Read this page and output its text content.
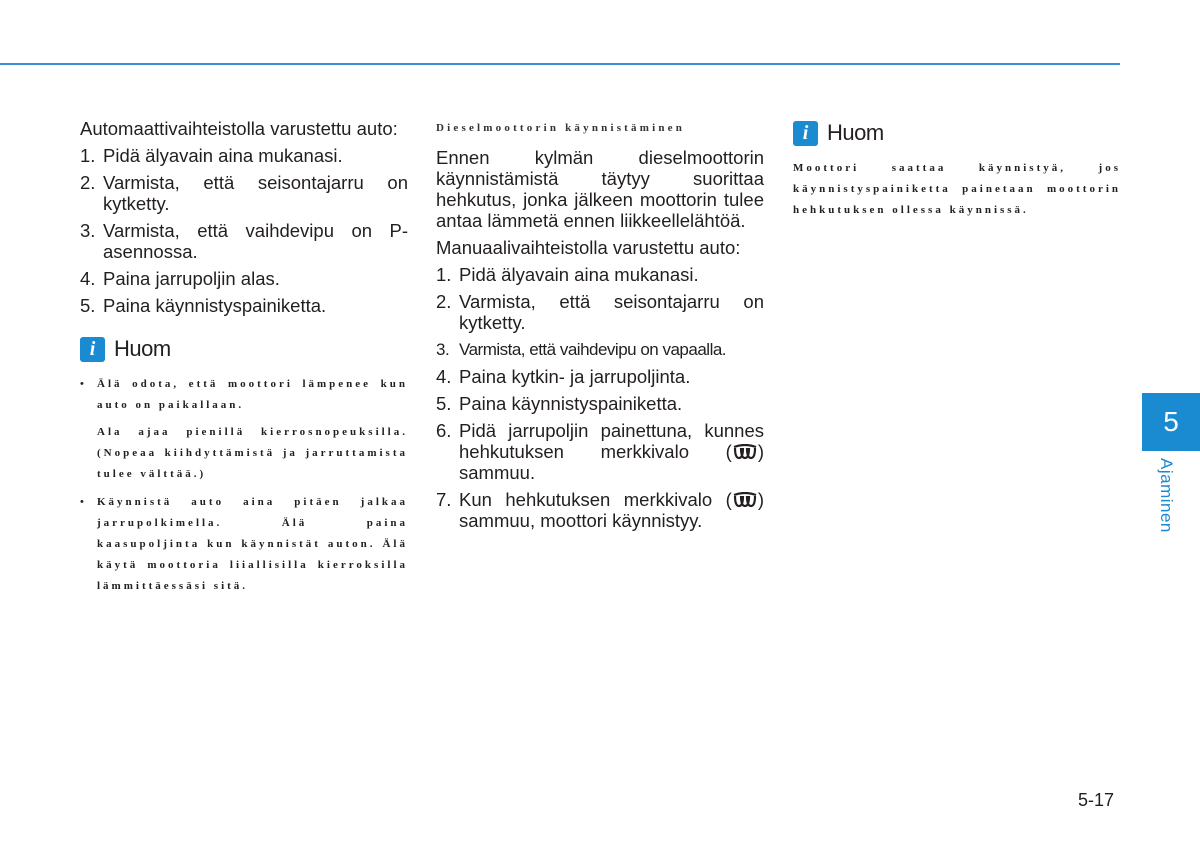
Automaattivaihteistolla varustettu auto:

1. Pidä älyavain aina mukanasi.
2. Varmista, että seisontajarru on kytketty.
3. Varmista, että vaihdevipu on P-asennossa.
4. Paina jarrupoljin alas.
5. Paina käynnistyspainiketta.
i Huom
• Älä odota, että moottori lämpenee kun auto on paikallaan.
Ala ajaa pienillä kierrosnopeuksilla. (Nopeaa kiihdyttämistä ja jarruttamista tulee välttää.)
• Käynnistä auto aina pitäen jalkaa jarrupolkimella. Älä paina kaasupoljinta kun käynnistät auton. Älä käytä moottoria liiallisilla kierroksilla lämmittäessäsi sitä.
Dieselmoottorin käynnistäminen

Ennen kylmän dieselmoottorin käynnistämistä täytyy suorittaa hehkutus, jonka jälkeen moottorin tulee antaa lämmetä ennen liikkeellelähtöä.

Manuaalivaihteistolla varustettu auto:

1. Pidä älyavain aina mukanasi.
2. Varmista, että seisontajarru on kytketty.
3. Varmista, että vaihdevipu on vapaalla.
4. Paina kytkin- ja jarrupoljinta.
5. Paina käynnistyspainiketta.
6. Pidä jarrupoljin painettuna, kunnes hehkutuksen merkkivalo ( ) sammuu.
7. Kun hehkutuksen merkkivalo ( ) sammuu, moottori käynnistyy.
i Huom
Moottori saattaa käynnistyä, jos käynnistyspainiketta painetaan moottorin hehkutuksen ollessa käynnissä.
5
Ajaminen
5-17
